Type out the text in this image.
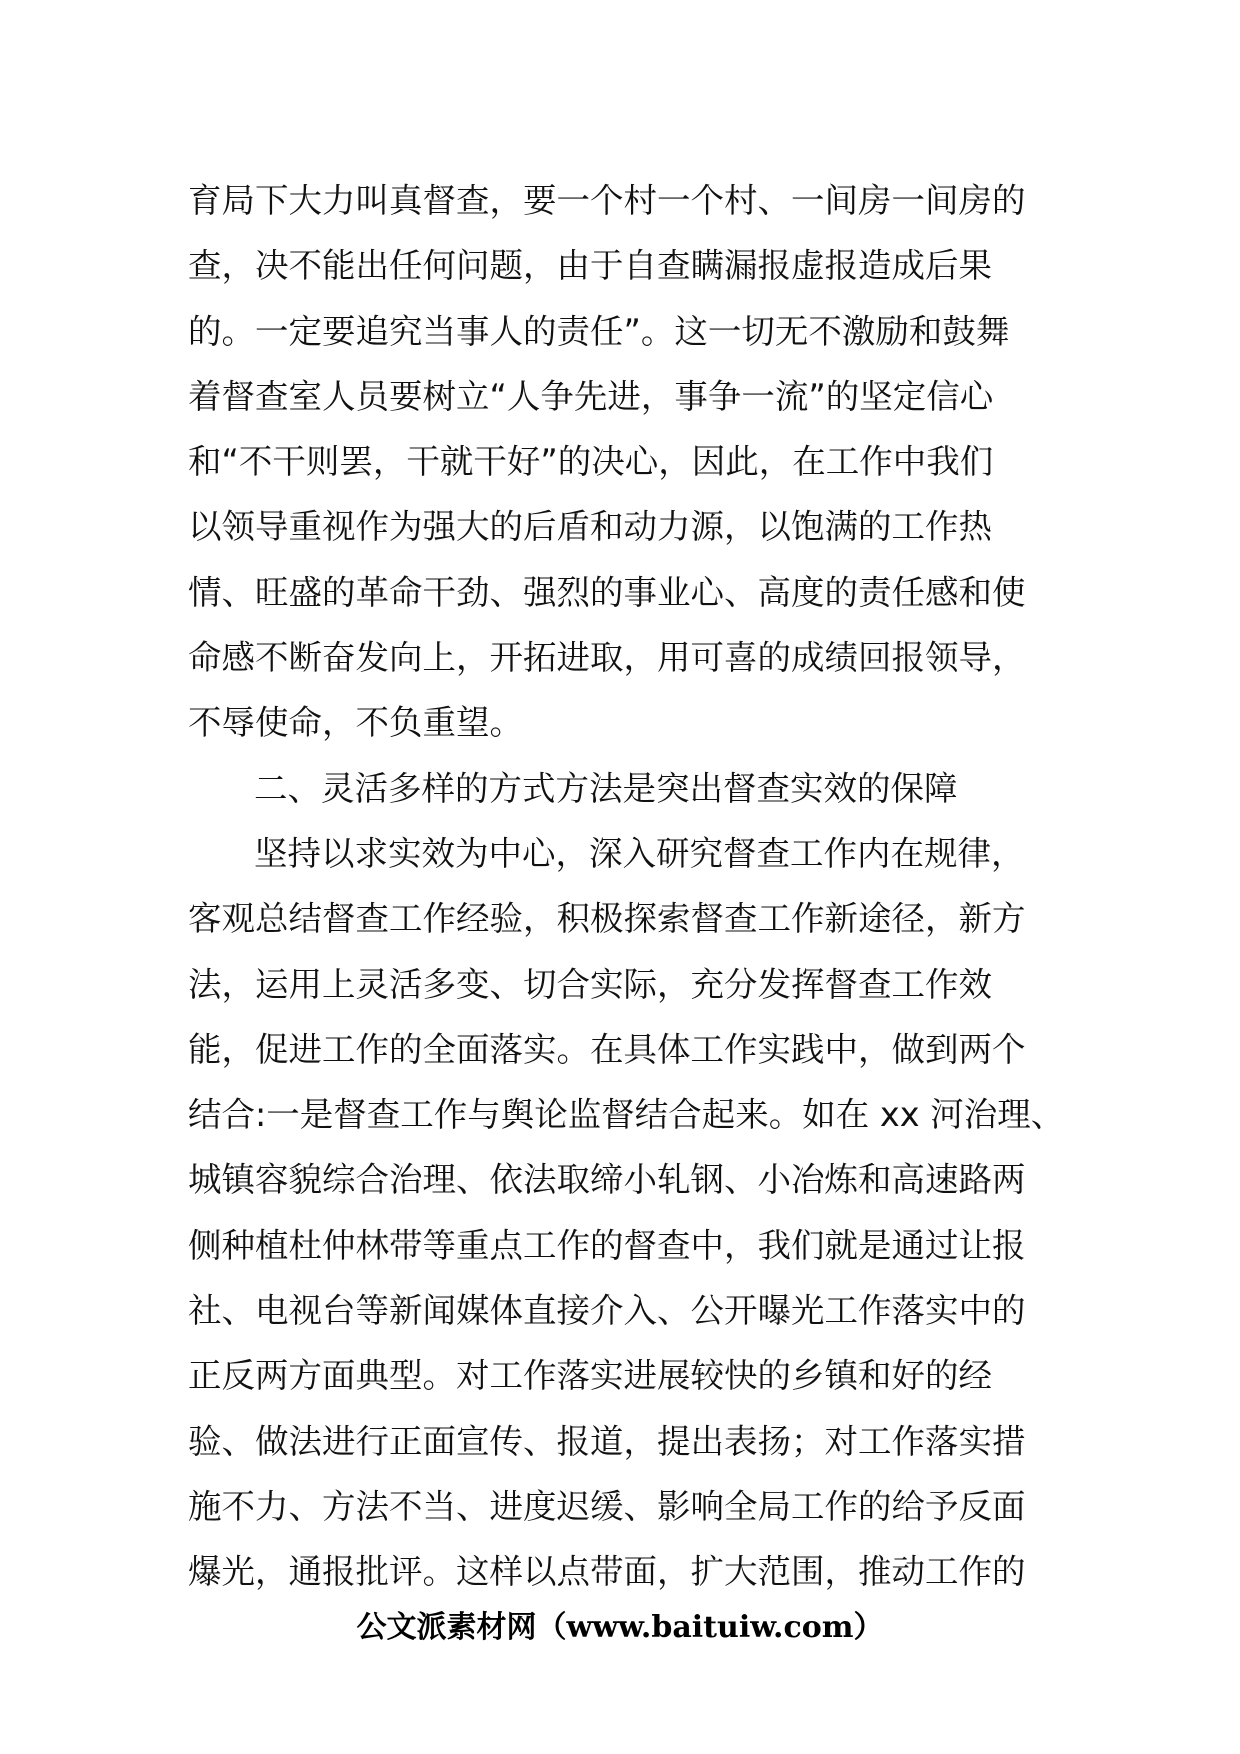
育局下大力叫真督查，要一个村一个村、一间房一间房的
查，决不能出任何问题，由于自查瞒漏报虚报造成后果
的。一定要追究当事人的责任”。这一切无不激励和鼓舞
着督查室人员要树立“人争先进，事争一流”的坚定信心
和“不干则罢，干就干好”的决心，因此，在工作中我们
以领导重视作为强大的后盾和动力源，以饱满的工作热
情、旺盛的革命干劲、强烈的事业心、高度的责任感和使
命感不断奋发向上，开拓进取，用可喜的成绩回报领导，
不辱使命，不负重望。
二、灵活多样的方式方法是突出督查实效的保障
坚持以求实效为中心，深入研究督查工作内在规律，
客观总结督查工作经验，积极探索督查工作新途径，新方
法，运用上灵活多变、切合实际，充分发挥督查工作效
能，促进工作的全面落实。在具体工作实践中，做到两个
结合:一是督查工作与舆论监督结合起来。如在 xx 河治理、
城镇容貌综合治理、依法取缔小轧钢、小冶炼和高速路两
侧种植杜仲林带等重点工作的督查中，我们就是通过让报
社、电视台等新闻媒体直接介入、公开曝光工作落实中的
正反两方面典型。对工作落实进展较快的乡镇和好的经
验、做法进行正面宣传、报道，提出表扬；对工作落实措
施不力、方法不当、进度迟缓、影响全局工作的给予反面
爆光，通报批评。这样以点带面，扩大范围，推动工作的
公文派素材网（www.baituiw.com）
